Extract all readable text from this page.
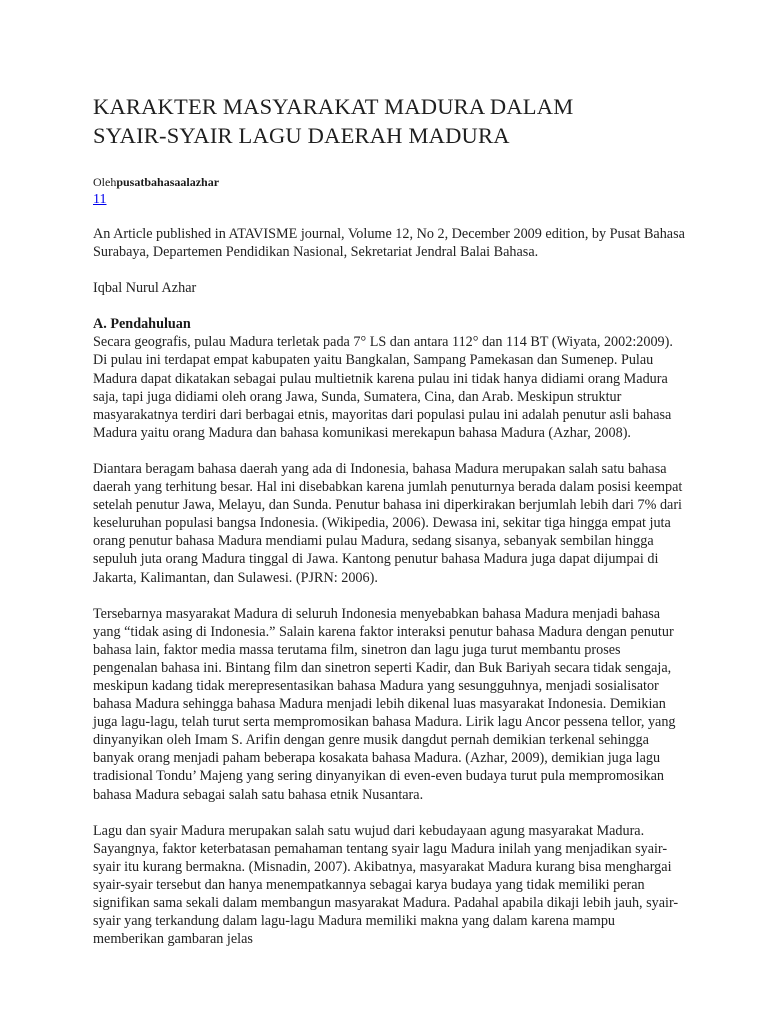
KARAKTER MASYARAKAT MADURA DALAM
SYAIR-SYAIR LAGU DAERAH MADURA
Olehpusatbahasaalazhar
11

An Article published in ATAVISME journal, Volume 12, No 2, December 2009 edition, by Pusat Bahasa Surabaya, Departemen Pendidikan Nasional, Sekretariat Jendral Balai Bahasa.

Iqbal Nurul Azhar

A. Pendahuluan

Secara geografis, pulau Madura terletak pada 7° LS dan antara 112° dan 114 BT (Wiyata, 2002:2009). Di pulau ini terdapat empat kabupaten yaitu Bangkalan, Sampang Pamekasan dan Sumenep. Pulau Madura dapat dikatakan sebagai pulau multietnik karena pulau ini tidak hanya didiami orang Madura saja, tapi juga didiami oleh orang Jawa, Sunda, Sumatera, Cina, dan Arab. Meskipun struktur masyarakatnya terdiri dari berbagai etnis, mayoritas dari populasi pulau ini adalah penutur asli bahasa Madura yaitu orang Madura dan bahasa komunikasi merekapun bahasa Madura (Azhar, 2008).

Diantara beragam bahasa daerah yang ada di Indonesia, bahasa Madura merupakan salah satu bahasa daerah yang terhitung besar. Hal ini disebabkan karena jumlah penuturnya berada dalam posisi keempat setelah penutur Jawa, Melayu, dan Sunda. Penutur bahasa ini diperkirakan berjumlah lebih dari 7% dari keseluruhan populasi bangsa Indonesia. (Wikipedia, 2006). Dewasa ini, sekitar tiga hingga empat juta orang penutur bahasa Madura mendiami pulau Madura, sedang sisanya, sebanyak sembilan hingga sepuluh juta orang Madura tinggal di Jawa. Kantong penutur bahasa Madura juga dapat dijumpai di Jakarta, Kalimantan, dan Sulawesi. (PJRN: 2006).

Tersebarnya masyarakat Madura di seluruh Indonesia menyebabkan bahasa Madura menjadi bahasa yang “tidak asing di Indonesia.” Salain karena faktor interaksi penutur bahasa Madura dengan penutur bahasa lain, faktor media massa terutama film, sinetron dan lagu juga turut membantu proses pengenalan bahasa ini. Bintang film dan sinetron seperti Kadir, dan Buk Bariyah secara tidak sengaja, meskipun kadang tidak merepresentasikan bahasa Madura yang sesungguhnya, menjadi sosialisator bahasa Madura sehingga bahasa Madura menjadi lebih dikenal luas masyarakat Indonesia. Demikian juga lagu-lagu, telah turut serta mempromosikan bahasa Madura. Lirik lagu Ancor pessena tellor, yang dinyanyikan oleh Imam S. Arifin dengan genre musik dangdut pernah demikian terkenal sehingga banyak orang menjadi paham beberapa kosakata bahasa Madura. (Azhar, 2009), demikian juga lagu tradisional Tondu’ Majeng yang sering dinyanyikan di even-even budaya turut pula mempromosikan bahasa Madura sebagai salah satu bahasa etnik Nusantara.

Lagu dan syair Madura merupakan salah satu wujud dari kebudayaan agung masyarakat Madura. Sayangnya, faktor keterbatasan pemahaman tentang syair lagu Madura inilah yang menjadikan syair-syair itu kurang bermakna. (Misnadin, 2007). Akibatnya, masyarakat Madura kurang bisa menghargai syair-syair tersebut dan hanya menempatkannya sebagai karya budaya yang tidak memiliki peran signifikan sama sekali dalam membangun masyarakat Madura. Padahal apabila dikaji lebih jauh, syair-syair yang terkandung dalam lagu-lagu Madura memiliki makna yang dalam karena mampu memberikan gambaran jelas
